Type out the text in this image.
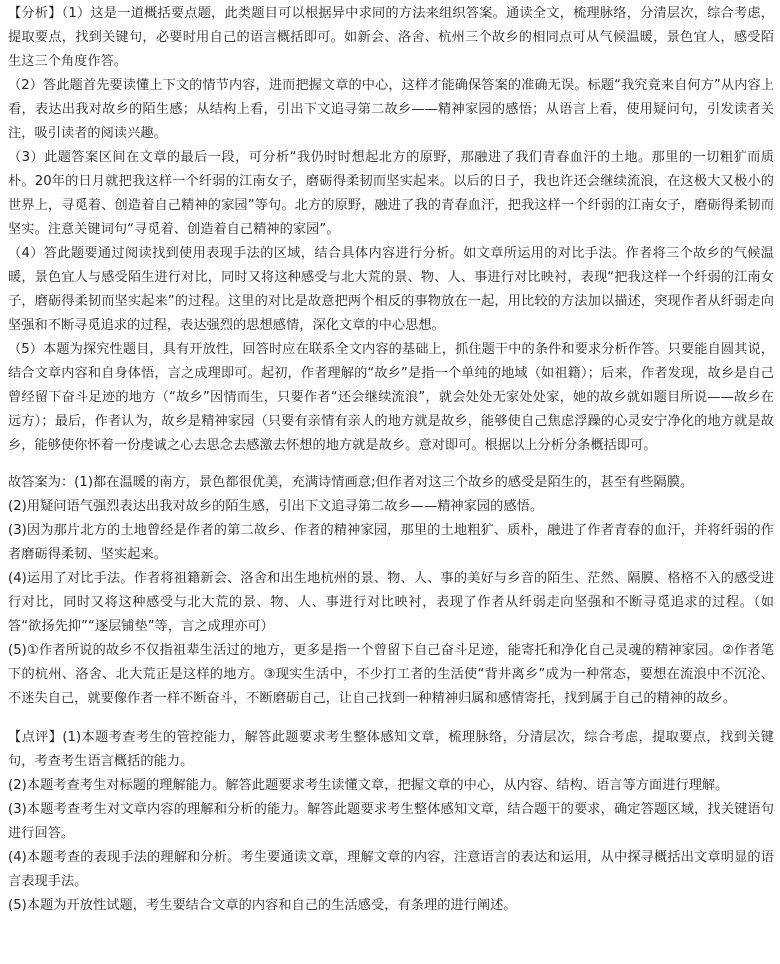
【分析】（1）这是一道概括要点题，此类题目可以根据异中求同的方法来组织答案。通读全文，梳理脉络，分清层次，综合考虑，提取要点，找到关键句，必要时用自己的语言概括即可。如新会、洛舍、杭州三个故乡的相同点可从气候温暖，景色宜人，感受陌生这三个角度作答。

（2）答此题首先要读懂上下文的情节内容，进而把握文章的中心，这样才能确保答案的准确无误。标题“我究竟来自何方”从内容上看，表达出我对故乡的陌生感；从结构上看，引出下文追寻第二故乡——精神家园的感悟；从语言上看，使用疑问句，引发读者关注，吸引读者的阅读兴趣。

（3）此题答案区间在文章的最后一段，可分析“我仍时时想起北方的原野，那融进了我们青春血汗的土地。那里的一切粗犷而质朴。20年的日月就把我这样一个纤弱的江南女子，磨砺得柔韧而坚实起来。以后的日子，我也许还会继续流浪，在这极大又极小的世界上，寻觅着、创造着自己精神的家园”等句。北方的原野，融进了我的青春血汗，把我这样一个纤弱的江南女子，磨砺得柔韧而坚实。注意关键词句“寻觅着、创造着自己精神的家园”。

（4）答此题要通过阅读找到使用表现手法的区域，结合具体内容进行分析。如文章所运用的对比手法。作者将三个故乡的气候温暖，景色宜人与感受陌生进行对比，同时又将这种感受与北大荒的景、物、人、事进行对比映衬，表现“把我这样一个纤弱的江南女子，磨砺得柔韧而坚实起来”的过程。这里的对比是故意把两个相反的事物放在一起，用比较的方法加以描述，突现作者从纤弱走向坚强和不断寻觅追求的过程，表达强烈的思想感情，深化文章的中心思想。

（5）本题为探究性题目，具有开放性，回答时应在联系全文内容的基础上，抓住题干中的条件和要求分析作答。只要能自圆其说，结合文章内容和自身体悟，言之成理即可。起初，作者理解的“故乡”是指一个单纯的地域（如祖籍）；后来，作者发现，故乡是自己曾经留下奋斗足迹的地方（“故乡”因情而生，只要作者“还会继续流浪”，就会处处无家处处家，她的故乡就如题目所说——故乡在远方）；最后，作者认为，故乡是精神家园（只要有亲情有亲人的地方就是故乡，能够使自己焦虑浮躁的心灵安宁净化的地方就是故乡，能够使你怀着一份虔诚之心去思念去感激去怀想的地方就是故乡。意对即可。根据以上分析分条概括即可。

故答案为：(1)都在温暖的南方，景色都很优美，充满诗情画意;但作者对这三个故乡的感受是陌生的，甚至有些隔膜。

(2)用疑问语气强烈表达出我对故乡的陌生感，引出下文追寻第二故乡——精神家园的感悟。

(3)因为那片北方的土地曾经是作者的第二故乡、作者的精神家园，那里的土地粗犷、质朴，融进了作者青春的血汗，并将纤弱的作者磨砺得柔韧、坚实起来。

(4)运用了对比手法。作者将祖籍新会、洛舍和出生地杭州的景、物、人、事的美好与乡音的陌生、茫然、隔膜、格格不入的感受进行对比，同时又将这种感受与北大荒的景、物、人、事进行对比映衬，表现了作者从纤弱走向坚强和不断寻觅追求的过程。（如答“欲扬先抑”“逐层铺垫”等，言之成理亦可）

(5)①作者所说的故乡不仅指祖辈生活过的地方，更多是指一个曾留下自己奋斗足迹，能寄托和净化自己灵魂的精神家园。②作者笔下的杭州、洛舍、北大荒正是这样的地方。③现实生活中，不少打工者的生活使“背井离乡”成为一种常态，要想在流浪中不沉沦、不迷失自己，就要像作者一样不断奋斗，不断磨砺自己，让自己找到一种精神归属和感情寄托，找到属于自己的精神的故乡。

【点评】(1)本题考查考生的管控能力，解答此题要求考生整体感知文章，梳理脉络，分清层次，综合考虑，提取要点，找到关键句，考查考生语言概括的能力。

(2)本题考查考生对标题的理解能力。解答此题要求考生读懂文章，把握文章的中心，从内容、结构、语言等方面进行理解。

(3)本题考查考生对文章内容的理解和分析的能力。解答此题要求考生整体感知文章，结合题干的要求，确定答题区域，找关键语句进行回答。

(4)本题考查的表现手法的理解和分析。考生要通读文章，理解文章的内容，注意语言的表达和运用，从中探寻概括出文章明显的语言表现手法。

(5)本题为开放性试题，考生要结合文章的内容和自己的生活感受，有条理的进行阐述。
